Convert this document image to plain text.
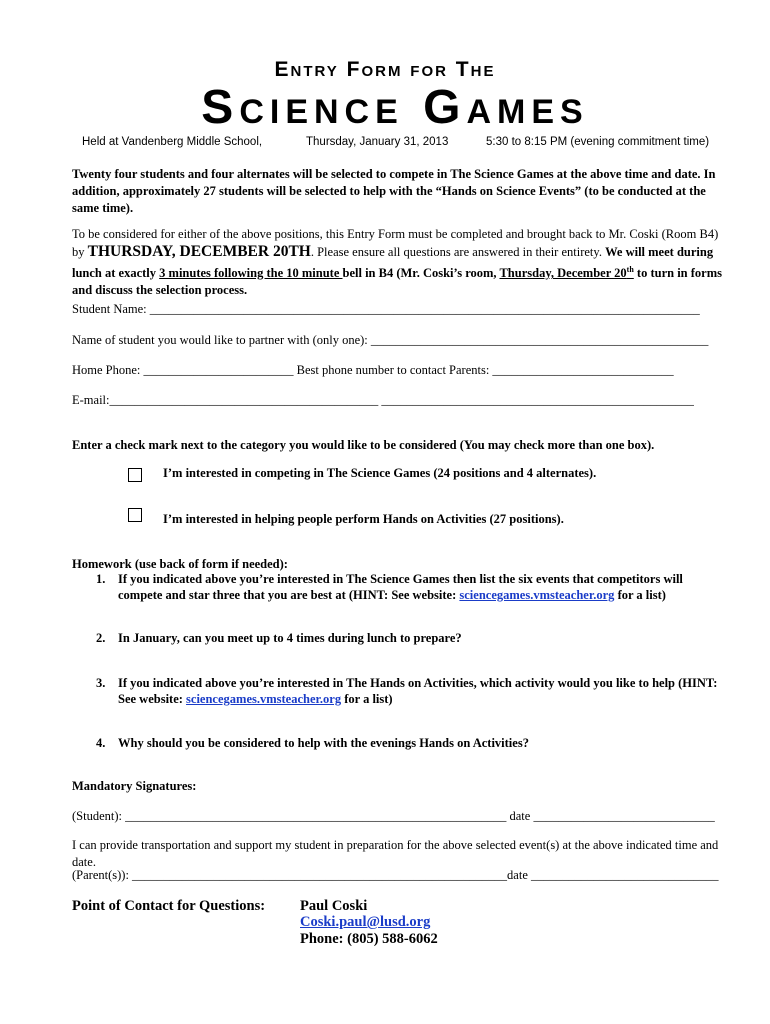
Entry Form for The
Science Games
Held at Vandenberg Middle School,	Thursday, January 31, 2013	5:30 to 8:15 PM (evening commitment time)
Twenty four students and four alternates will be selected to compete in The Science Games at the above time and date. In addition, approximately 27 students will be selected to help with the “Hands on Science Events” (to be conducted at the same time).
To be considered for either of the above positions, this Entry Form must be completed and brought back to Mr. Coski (Room B4) by THURSDAY, DECEMBER 20TH. Please ensure all questions are answered in their entirety. We will meet during lunch at exactly 3 minutes following the 10 minute bell in B4 (Mr. Coski’s room, Thursday, December 20th to turn in forms and discuss the selection process.
Student Name: ________________________________________________________________________________________
Name of student you would like to partner with (only one): ______________________________________________________
Home Phone: ________________________ Best phone number to contact Parents: _____________________________
E-mail:___________________________________________ __________________________________________________
Enter a check mark next to the category you would like to be considered (You may check more than one box).
I’m interested in competing in The Science Games (24 positions and 4 alternates).
I’m interested in helping people perform Hands on Activities (27 positions).
Homework (use back of form if needed):
1. If you indicated above you’re interested in The Science Games then list the six events that competitors will compete and star three that you are best at (HINT: See website: sciencegames.vmsteacher.org for a list)
2. In January, can you meet up to 4 times during lunch to prepare?
3. If you indicated above you’re interested in The Hands on Activities, which activity would you like to help (HINT: See website: sciencegames.vmsteacher.org for a list)
4. Why should you be considered to help with the evenings Hands on Activities?
Mandatory Signatures:
(Student): _____________________________________________________________ date _____________________________
I can provide transportation and support my student in preparation for the above selected event(s) at the above indicated time and date.
(Parent(s)): ____________________________________________________________date ______________________________
Point of Contact for Questions: Paul Coski
Coski.paul@lusd.org
Phone: (805) 588-6062
